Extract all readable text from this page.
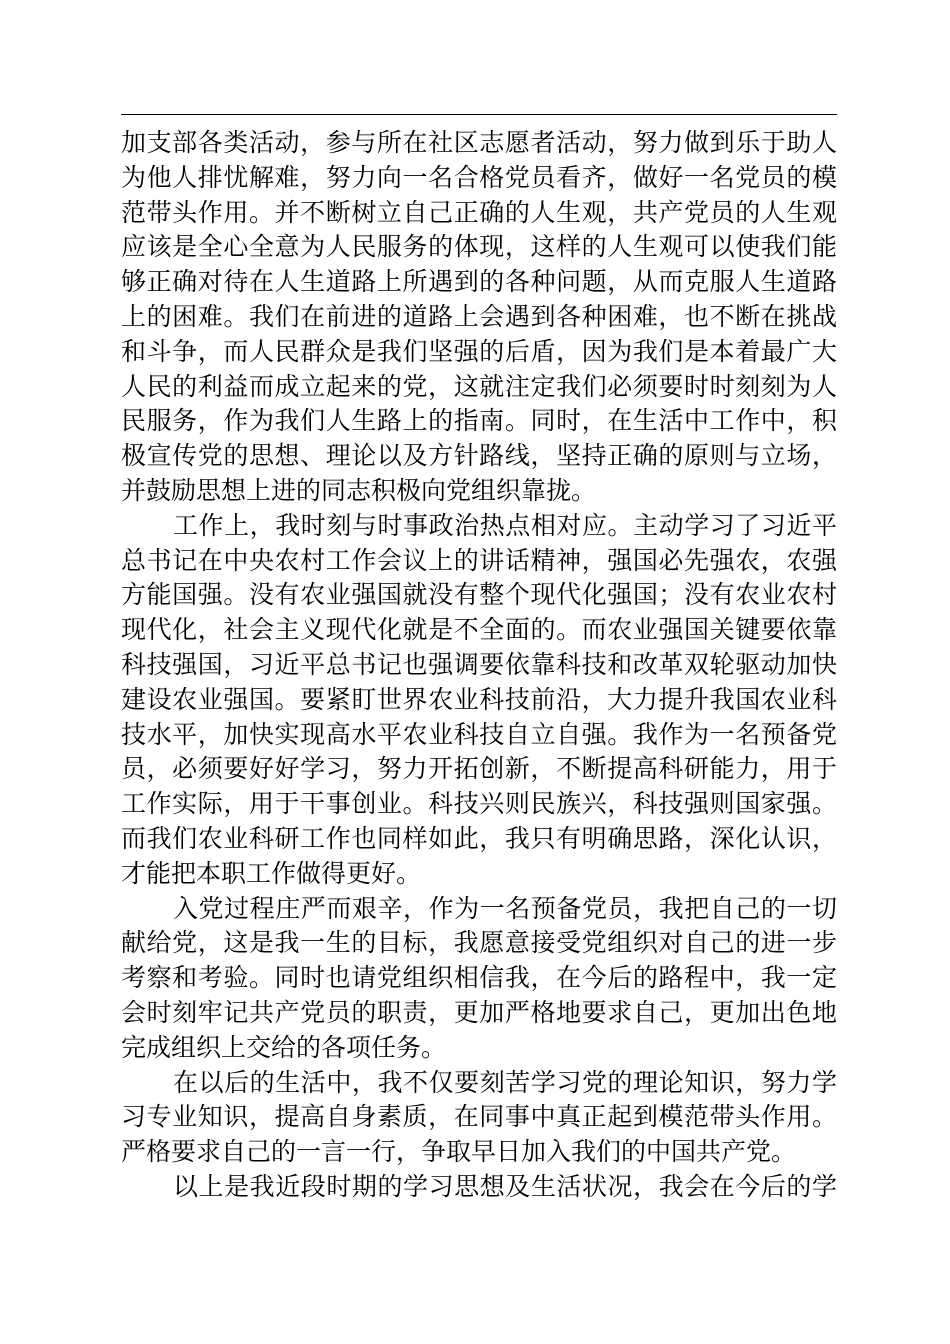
加支部各类活动，参与所在社区志愿者活动，努力做到乐于助人
为他人排忧解难，努力向一名合格党员看齐，做好一名党员的模
范带头作用。并不断树立自己正确的人生观，共产党员的人生观
应该是全心全意为人民服务的体现，这样的人生观可以使我们能
够正确对待在人生道路上所遇到的各种问题，从而克服人生道路
上的困难。我们在前进的道路上会遇到各种困难，也不断在挑战
和斗争，而人民群众是我们坚强的后盾，因为我们是本着最广大
人民的利益而成立起来的党，这就注定我们必须要时时刻刻为人
民服务，作为我们人生路上的指南。同时，在生活中工作中，积
极宣传党的思想、理论以及方针路线，坚持正确的原则与立场，
并鼓励思想上进的同志积极向党组织靠拢。
工作上，我时刻与时事政治热点相对应。主动学习了习近平
总书记在中央农村工作会议上的讲话精神，强国必先强农，农强
方能国强。没有农业强国就没有整个现代化强国；没有农业农村
现代化，社会主义现代化就是不全面的。而农业强国关键要依靠
科技强国，习近平总书记也强调要依靠科技和改革双轮驱动加快
建设农业强国。要紧盯世界农业科技前沿，大力提升我国农业科
技水平，加快实现高水平农业科技自立自强。我作为一名预备党
员，必须要好好学习，努力开拓创新，不断提高科研能力，用于
工作实际，用于干事创业。科技兴则民族兴，科技强则国家强。
而我们农业科研工作也同样如此，我只有明确思路，深化认识，
才能把本职工作做得更好。
入党过程庄严而艰辛，作为一名预备党员，我把自己的一切
献给党，这是我一生的目标，我愿意接受党组织对自己的进一步
考察和考验。同时也请党组织相信我，在今后的路程中，我一定
会时刻牢记共产党员的职责，更加严格地要求自己，更加出色地
完成组织上交给的各项任务。
在以后的生活中，我不仅要刻苦学习党的理论知识，努力学
习专业知识，提高自身素质，在同事中真正起到模范带头作用。
严格要求自己的一言一行，争取早日加入我们的中国共产党。
以上是我近段时期的学习思想及生活状况，我会在今后的学
